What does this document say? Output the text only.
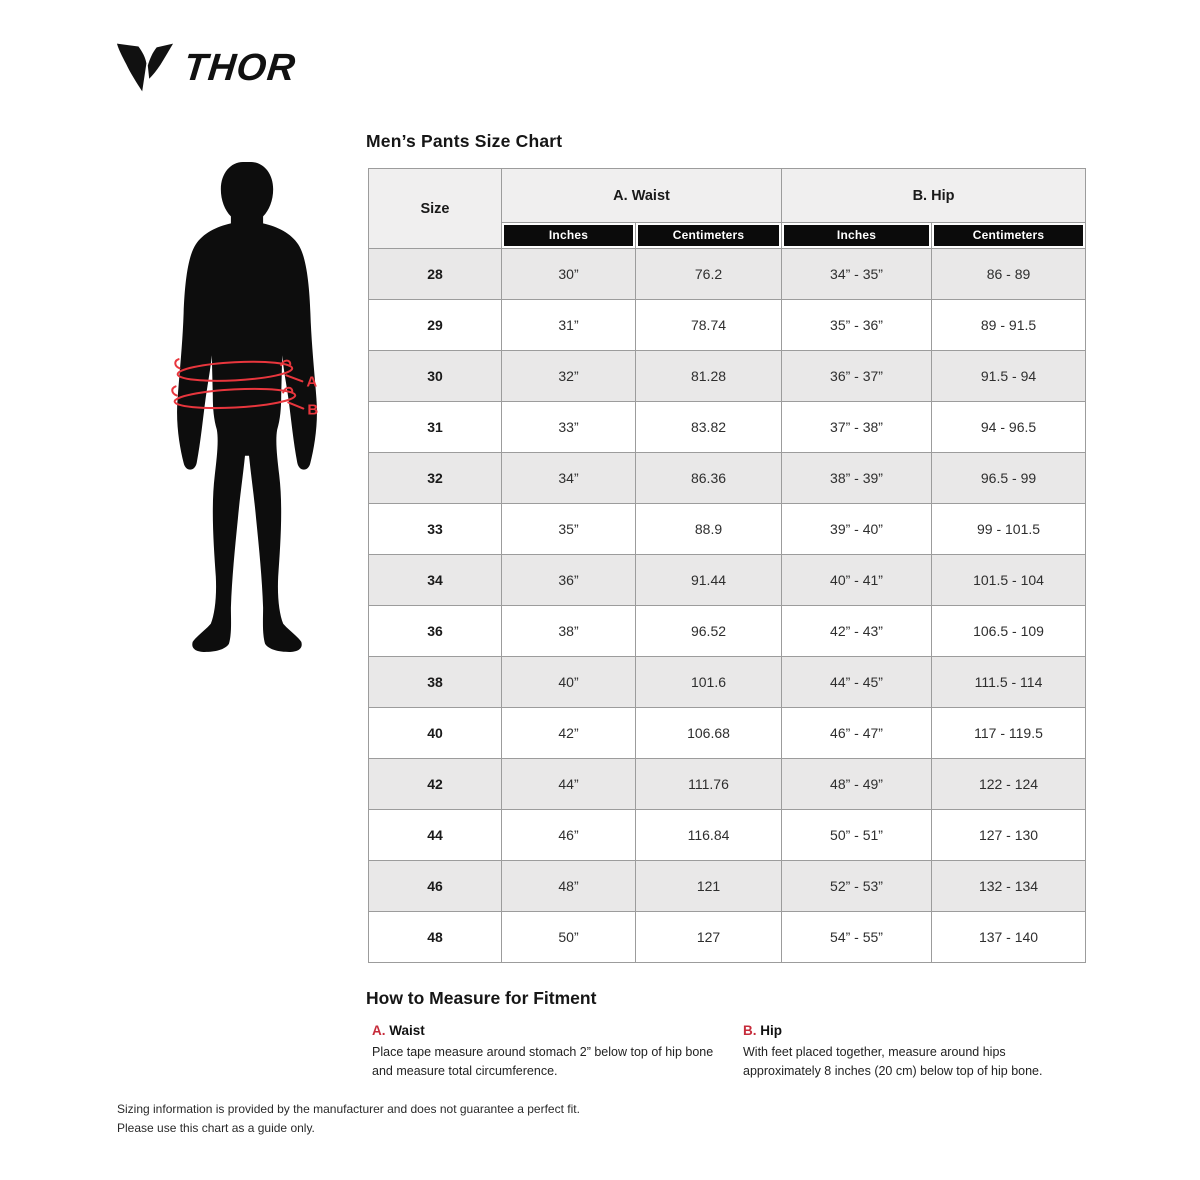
THOR
Men’s Pants Size Chart
A
B
Size	A. Waist		B. Hip	

	Inches	Centimeters	Inches	Centimeters

28	30”	76.2	34” - 35”	86 - 89
29	31”	78.74	35” - 36”	89 - 91.5
30	32”	81.28	36” - 37”	91.5 - 94
31	33”	83.82	37” - 38”	94 - 96.5
32	34”	86.36	38” - 39”	96.5 - 99
33	35”	88.9	39” - 40”	99 - 101.5
34	36”	91.44	40” - 41”	101.5 - 104
36	38”	96.52	42” - 43”	106.5 - 109
38	40”	101.6	44” - 45”	111.5 - 114
40	42”	106.68	46” - 47”	117 - 119.5
42	44”	111.76	48” - 49”	122 - 124
44	46”	116.84	50” - 51”	127 - 130
46	48”	121	52” - 53”	132 - 134
48	50”	127	54” - 55”	137 - 140
How to Measure for Fitment
A. Waist
Place tape measure around stomach 2” below top of hip bone and measure total circumference.
B. Hip
With feet placed together, measure around hips approximately 8 inches (20 cm) below top of hip bone.
Sizing information is provided by the manufacturer and does not guarantee a perfect fit.
Please use this chart as a guide only.
